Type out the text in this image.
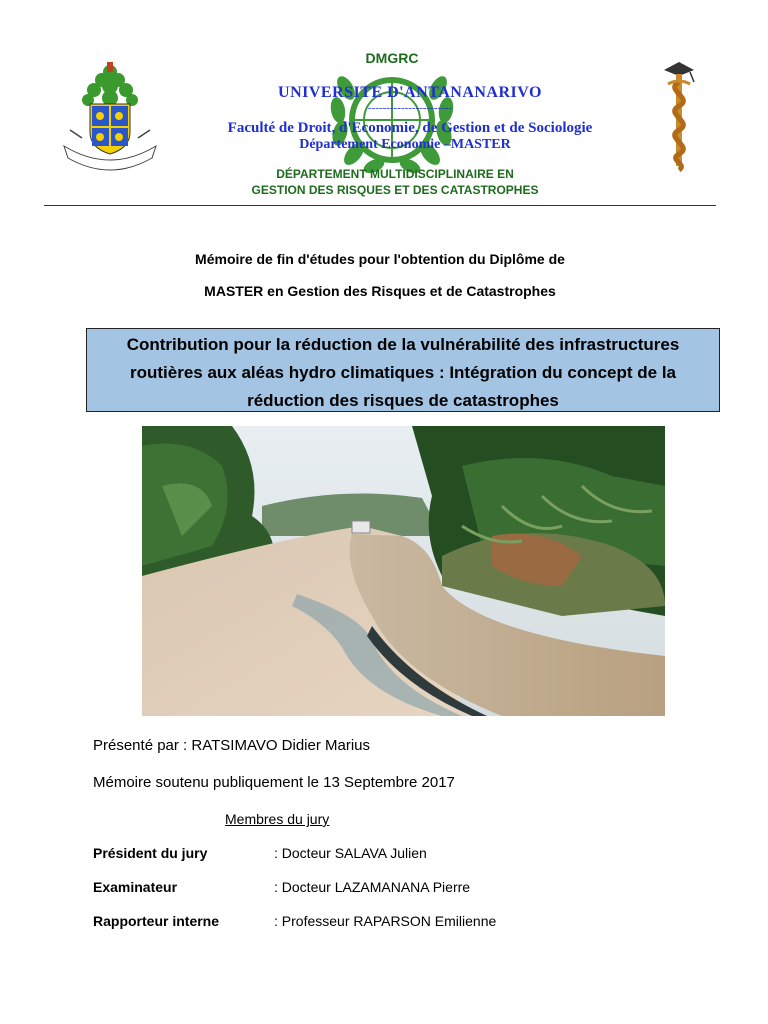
DMGRC
UNIVERSITE D'ANTANANARIVO
-----------------------
Faculté de Droit, d'Economie, de Gestion et de Sociologie
Département Economie –MASTER
DÉPARTEMENT MULTIDISCIPLINAIRE EN
GESTION DES RISQUES ET DES CATASTROPHES
Mémoire de fin d'études pour l'obtention du Diplôme de
MASTER en Gestion des Risques et de Catastrophes
Contribution pour la réduction de la vulnérabilité des infrastructures
routières aux aléas hydro climatiques : Intégration du concept de la
réduction des risques de catastrophes
Présenté par : RATSIMAVO Didier Marius
Mémoire soutenu publiquement le 13 Septembre 2017
Membres du jury
Président du jury	: Docteur SALAVA Julien
Examinateur	: Docteur LAZAMANANA Pierre
Rapporteur interne	: Professeur RAPARSON Emilienne
